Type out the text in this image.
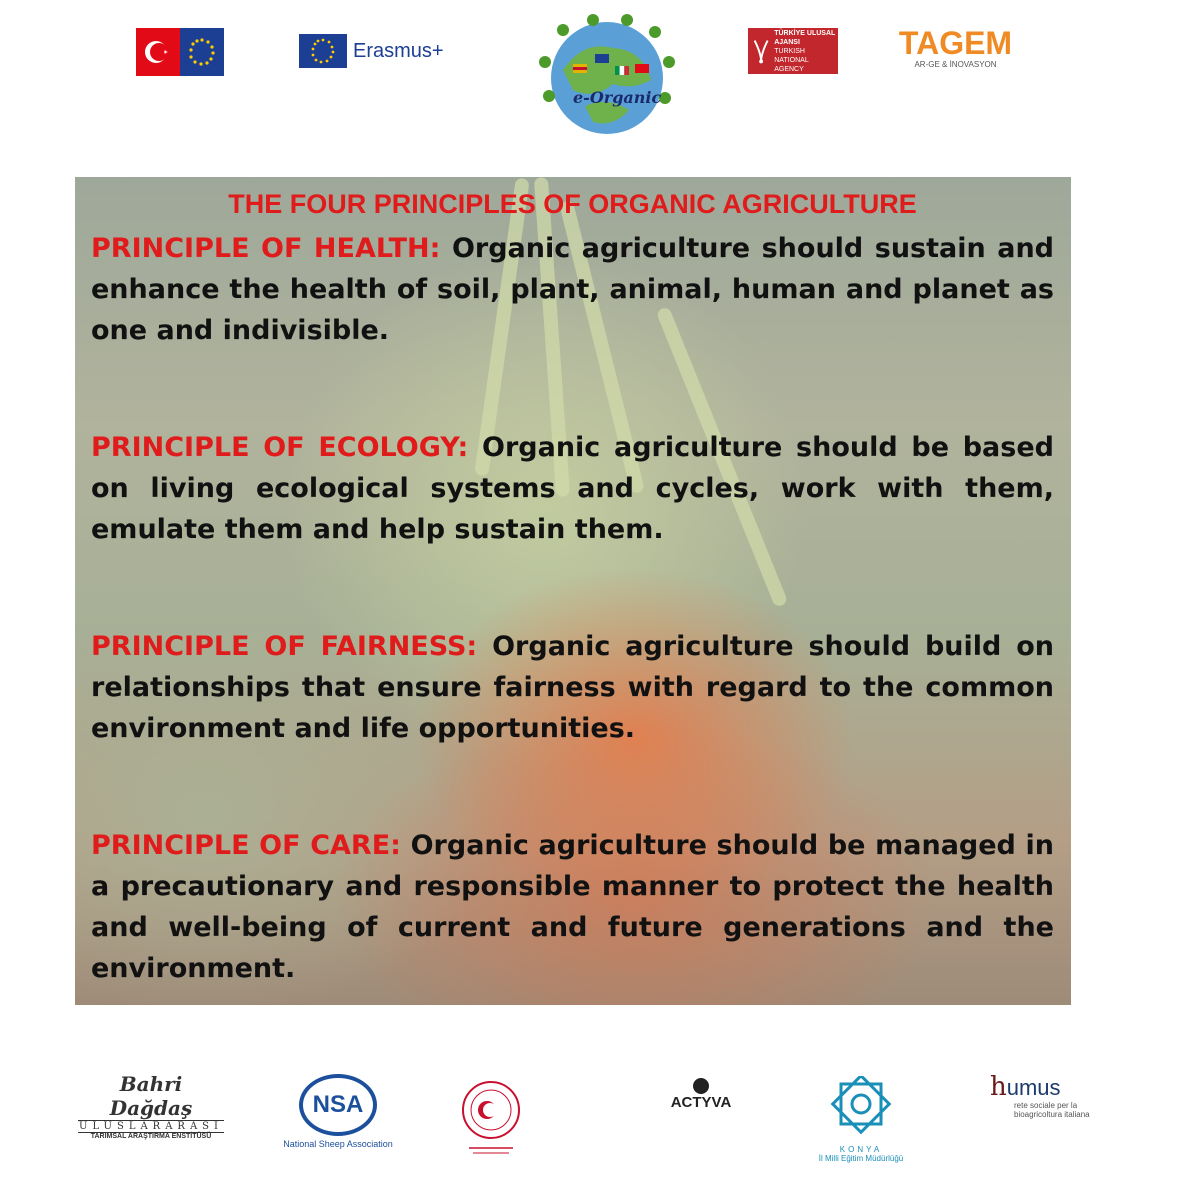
Erasmus+
e-Organic
TÜRKİYE ULUSAL AJANSI
TURKISH NATIONAL AGENCY
TAGEM
AR-GE & İNOVASYON
THE FOUR PRINCIPLES OF ORGANIC AGRICULTURE

PRINCIPLE OF HEALTH: Organic agriculture should sustain and enhance the health of soil, plant, animal, human and planet as one and indivisible.

PRINCIPLE OF ECOLOGY: Organic agriculture should be based on living ecological systems and cycles, work with them, emulate them and help sustain them.

PRINCIPLE OF FAIRNESS: Organic agriculture should build on relationships that ensure fairness with regard to the common environment and life opportunities.

PRINCIPLE OF CARE: Organic agriculture should be managed in a precautionary and responsible manner to protect the health and well-being of current and future generations and the environment.

Bahri Dağdaş
ULUSLARARASI
TARIMSAL ARAŞTIRMA ENSTİTÜSÜ
NSA
National Sheep Association
ACTYVA
KONYA
İl Milli Eğitim Müdürlüğü
humus
rete sociale per la bioagricoltura italiana
